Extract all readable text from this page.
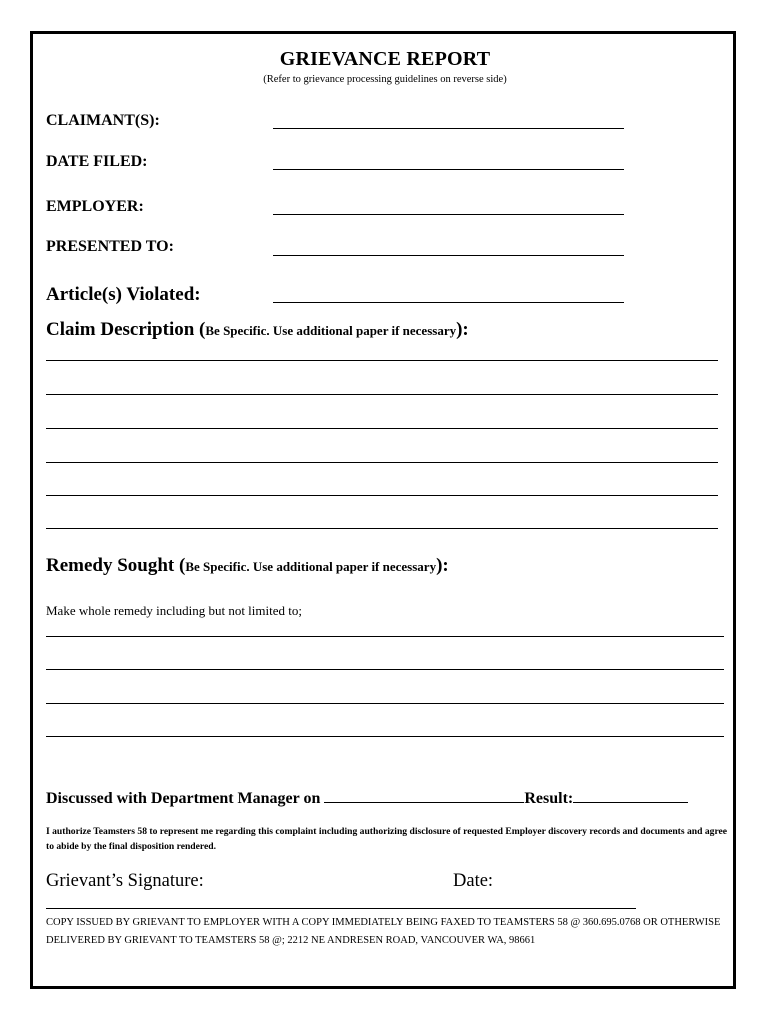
GRIEVANCE REPORT
(Refer to grievance processing guidelines on reverse side)
CLAIMANT(S):
DATE FILED:
EMPLOYER:
PRESENTED TO:
Article(s) Violated:
Claim Description (Be Specific. Use additional paper if necessary):
Remedy Sought (Be Specific. Use additional paper if necessary):
Make whole remedy including but not limited to;
Discussed with Department Manager on	Result:
I authorize Teamsters 58 to represent me regarding this complaint including authorizing disclosure of requested Employer discovery records and documents and agree to abide by the final disposition rendered.
Grievant’s Signature:	Date:
COPY ISSUED BY GRIEVANT TO EMPLOYER WITH A COPY IMMEDIATELY BEING FAXED TO TEAMSTERS 58 @ 360.695.0768 OR OTHERWISE DELIVERED BY GRIEVANT TO TEAMSTERS 58 @; 2212 NE ANDRESEN ROAD, VANCOUVER WA, 98661
